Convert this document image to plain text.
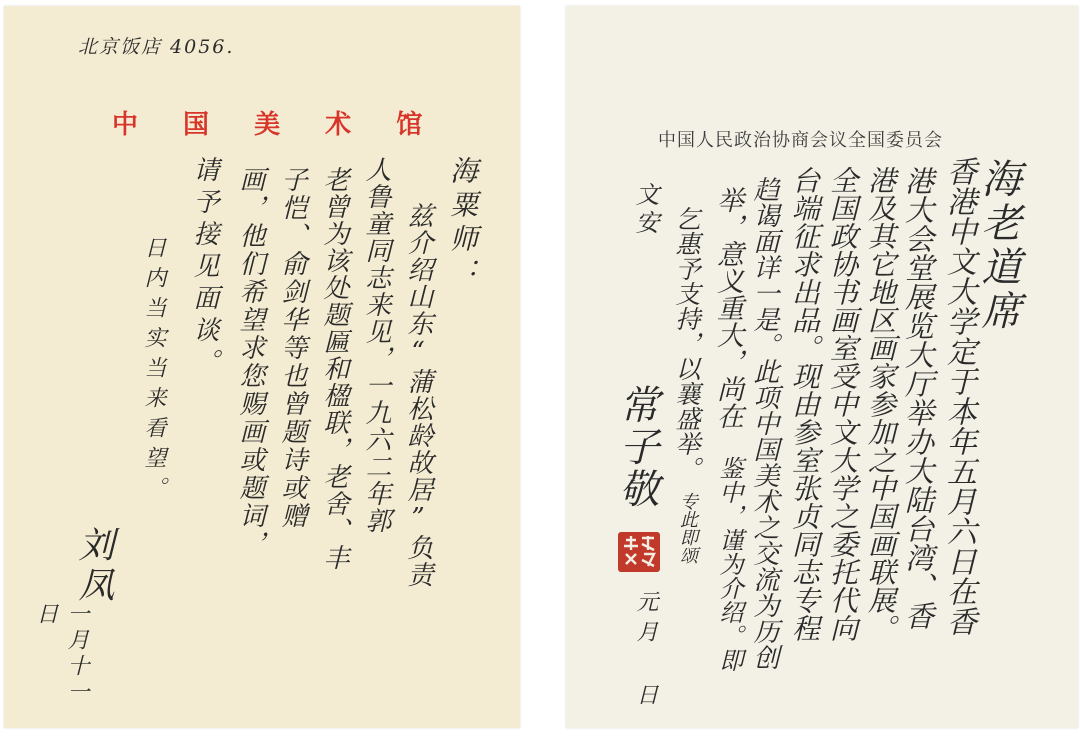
北京饭店 4056.
中 国 美 术 馆
海粟师：
兹介绍山东“蒲松龄故居”负责
人鲁童同志来见，一九六二年郭
老曾为该处题匾和楹联，老舍、丰
子恺、俞剑华等也曾题诗或赠
画，他们希望求您赐画或题词，
请予接见面谈。
日内当实当来看望。
刘凤
一月十一日
中国人民政治协商会议全国委员会
海老道席
香港中文大学定于本年五月六日在香
港大会堂展览大厅举办大陆台湾、香
港及其它地区画家参加之中国画联展。
全国政协书画室受中文大学之委托代向
台端征求出品。现由参室张贞同志专程
趋谒面详一是。此项中国美术之交流为历创
举，意义重大，尚在
鉴中，谨为介绍。即
乞惠予支持，以襄盛举。
专此即颂
文安
常子敬
元月 日
